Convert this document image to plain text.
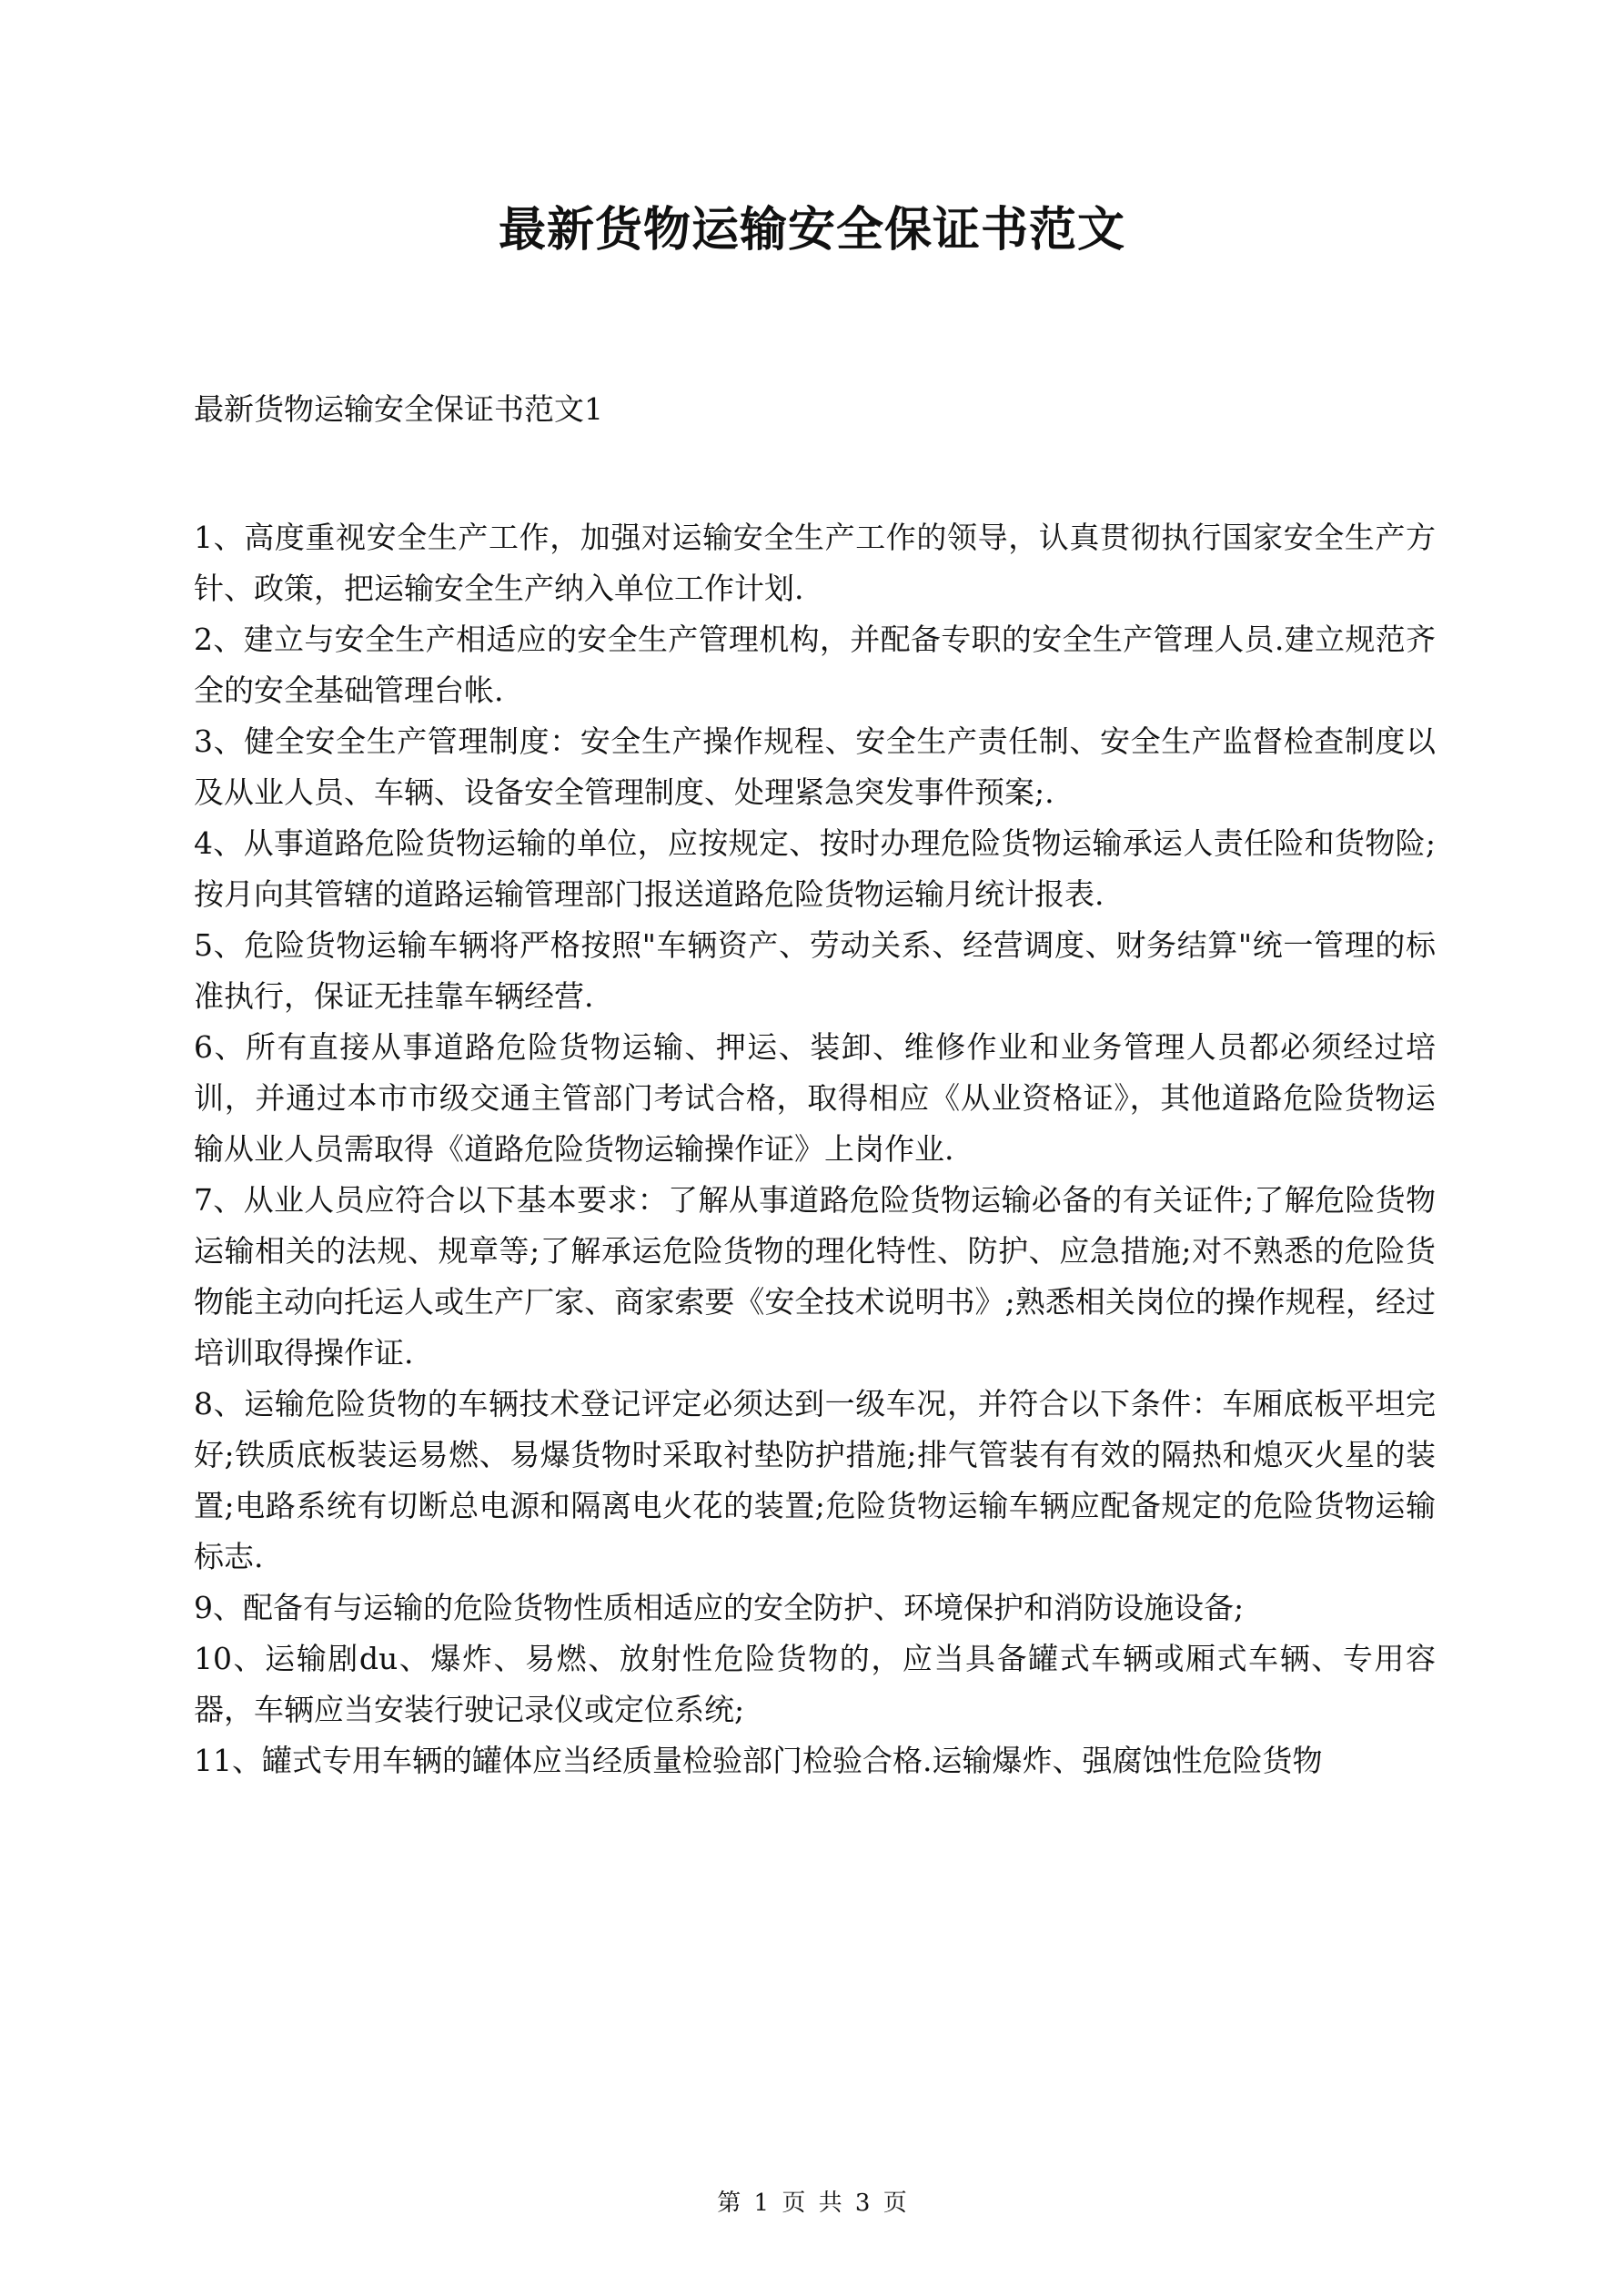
最新货物运输安全保证书范文
最新货物运输安全保证书范文1

1、高度重视安全生产工作，加强对运输安全生产工作的领导，认真贯彻执行国家安全生产方针、政策，把运输安全生产纳入单位工作计划.

2、建立与安全生产相适应的安全生产管理机构，并配备专职的安全生产管理人员.建立规范齐全的安全基础管理台帐.

3、健全安全生产管理制度：安全生产操作规程、安全生产责任制、安全生产监督检查制度以及从业人员、车辆、设备安全管理制度、处理紧急突发事件预案;.

4、从事道路危险货物运输的单位，应按规定、按时办理危险货物运输承运人责任险和货物险;按月向其管辖的道路运输管理部门报送道路危险货物运输月统计报表.

5、危险货物运输车辆将严格按照"车辆资产、劳动关系、经营调度、财务结算"统一管理的标准执行，保证无挂靠车辆经营.

6、所有直接从事道路危险货物运输、押运、装卸、维修作业和业务管理人员都必须经过培训，并通过本市市级交通主管部门考试合格，取得相应《从业资格证》，其他道路危险货物运输从业人员需取得《道路危险货物运输操作证》上岗作业.

7、从业人员应符合以下基本要求：了解从事道路危险货物运输必备的有关证件;了解危险货物运输相关的法规、规章等;了解承运危险货物的理化特性、防护、应急措施;对不熟悉的危险货物能主动向托运人或生产厂家、商家索要《安全技术说明书》;熟悉相关岗位的操作规程，经过培训取得操作证.

8、运输危险货物的车辆技术登记评定必须达到一级车况，并符合以下条件：车厢底板平坦完好;铁质底板装运易燃、易爆货物时采取衬垫防护措施;排气管装有有效的隔热和熄灭火星的装置;电路系统有切断总电源和隔离电火花的装置;危险货物运输车辆应配备规定的危险货物运输标志.

9、配备有与运输的危险货物性质相适应的安全防护、环境保护和消防设施设备;

10、运输剧du、爆炸、易燃、放射性危险货物的，应当具备罐式车辆或厢式车辆、专用容器，车辆应当安装行驶记录仪或定位系统;

11、罐式专用车辆的罐体应当经质量检验部门检验合格.运输爆炸、强腐蚀性危险货物

第 1 页 共 3 页
